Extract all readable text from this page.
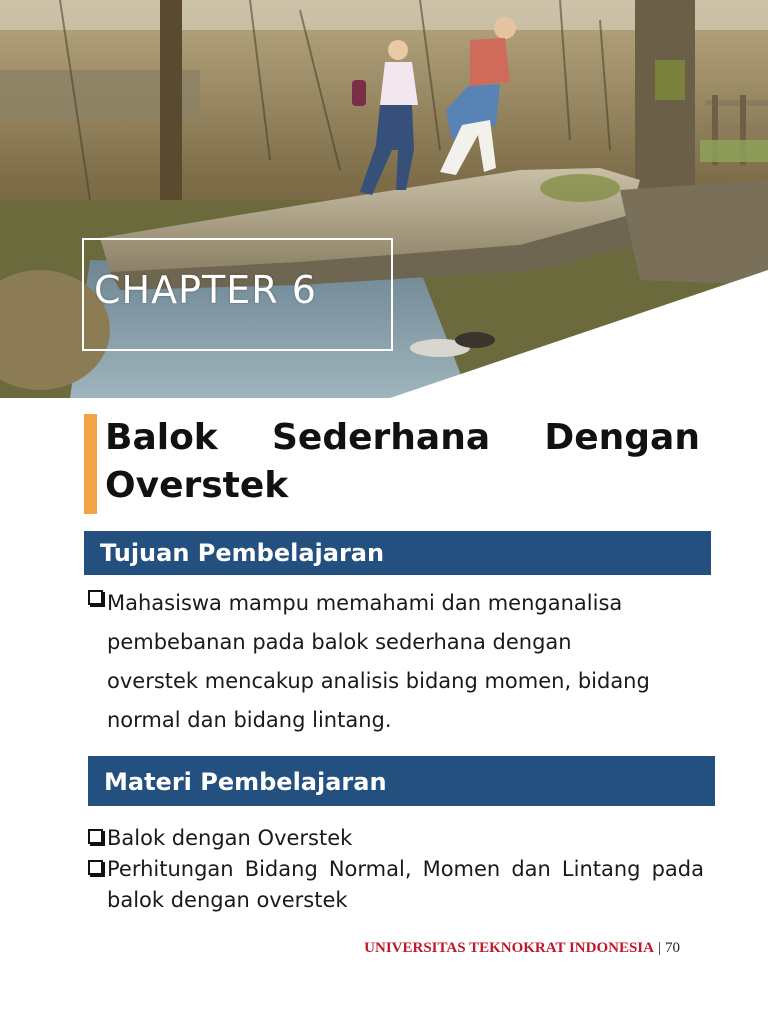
CHAPTER 6
Balok Sederhana Dengan
Overstek
Tujuan Pembelajaran
Mahasiswa mampu memahami dan menganalisa pembebanan pada balok sederhana dengan overstek mencakup analisis bidang momen, bidang normal dan bidang lintang.
Materi Pembelajaran
Balok dengan Overstek
Perhitungan Bidang Normal, Momen dan Lintang pada balok dengan overstek
UNIVERSITAS TEKNOKRAT INDONESIA | 70
